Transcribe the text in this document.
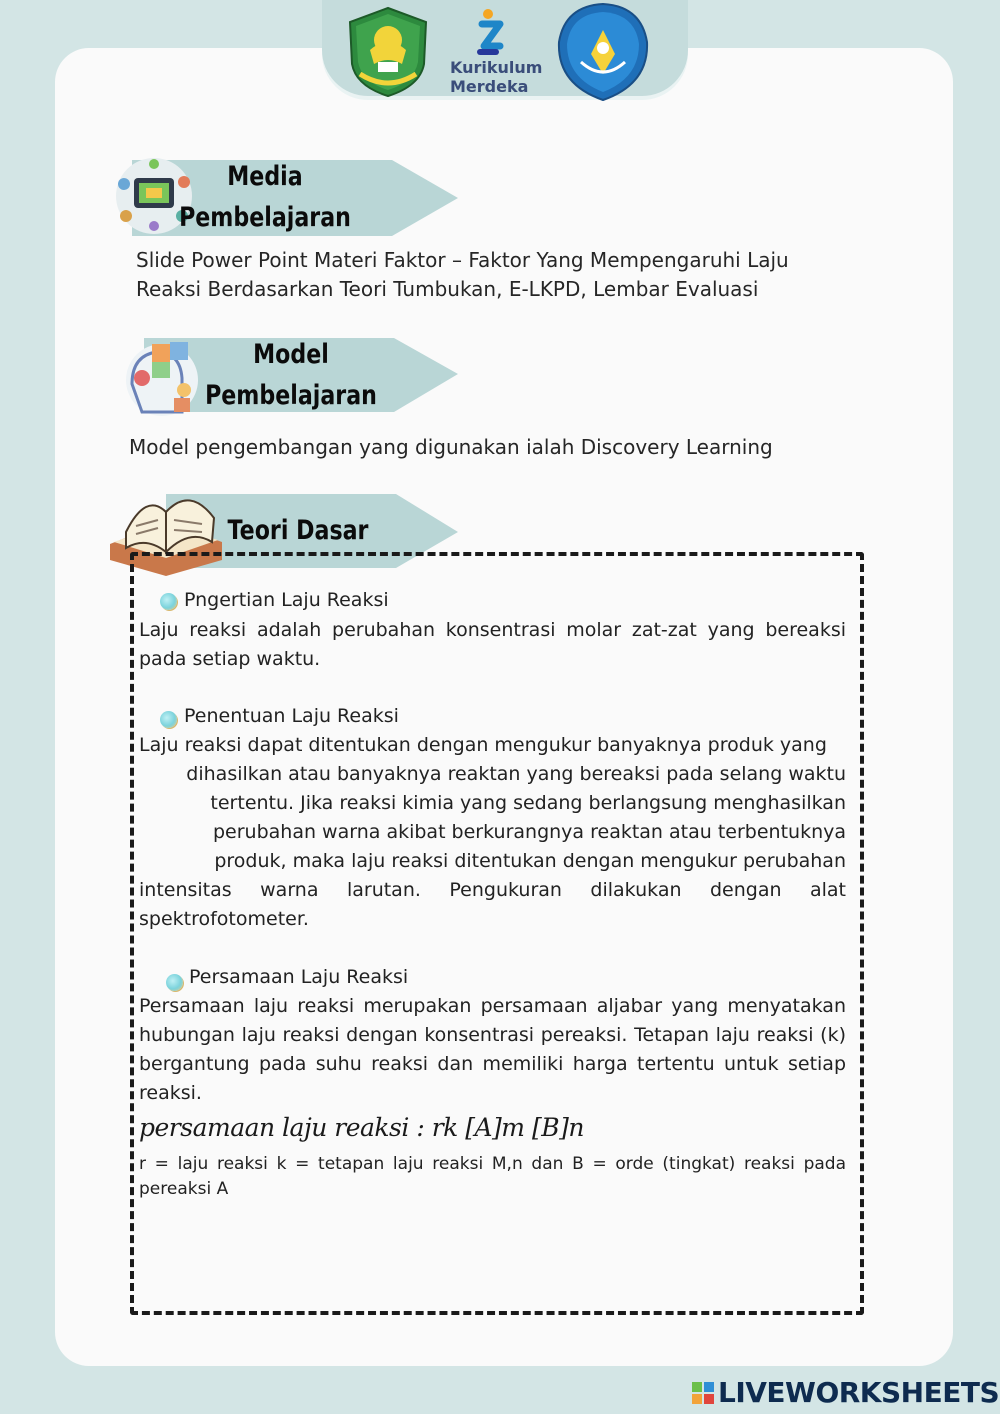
Kurikulum
Merdeka
Media
Pembelajaran
Slide Power Point Materi Faktor – Faktor Yang Mempengaruhi Laju Reaksi Berdasarkan Teori Tumbukan, E-LKPD, Lembar Evaluasi
Model
Pembelajaran
Model pengembangan yang digunakan ialah Discovery Learning
Teori Dasar
Pngertian Laju Reaksi
Laju reaksi adalah perubahan konsentrasi molar zat-zat yang bereaksi pada setiap waktu.
Penentuan Laju Reaksi
Laju reaksi dapat ditentukan dengan mengukur banyaknya produk yang
dihasilkan atau banyaknya reaktan yang bereaksi pada selang waktu
tertentu. Jika reaksi kimia yang sedang berlangsung menghasilkan
perubahan warna akibat berkurangnya reaktan atau terbentuknya
produk, maka laju reaksi ditentukan dengan mengukur perubahan
intensitas warna larutan. Pengukuran dilakukan dengan alat spektrofotometer.
Persamaan Laju Reaksi
Persamaan laju reaksi merupakan persamaan aljabar yang menyatakan hubungan laju reaksi dengan konsentrasi pereaksi. Tetapan laju reaksi (k) bergantung pada suhu reaksi dan memiliki harga tertentu untuk setiap reaksi.
persamaan laju reaksi : rk [A]m [B]n
r = laju reaksi k = tetapan laju reaksi M,n dan B = orde (tingkat) reaksi pada pereaksi A
LIVEWORKSHEETS
